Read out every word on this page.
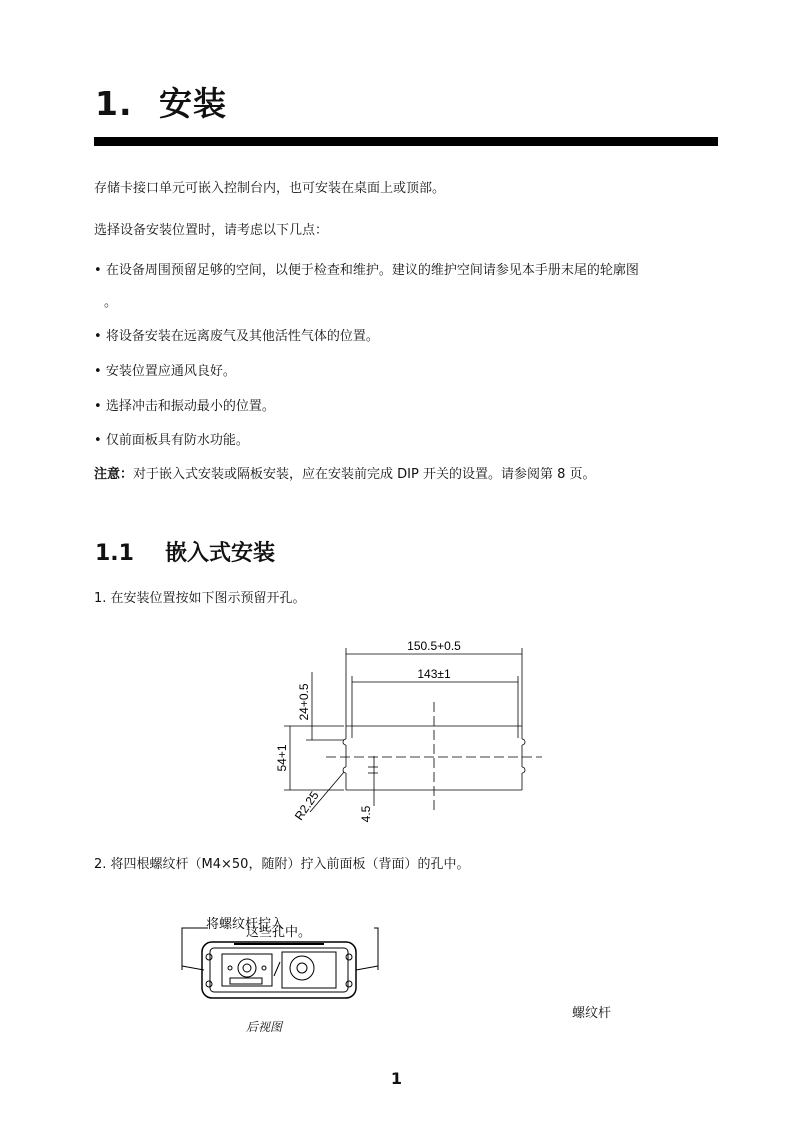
1. 安装
存储卡接口单元可嵌入控制台内，也可安装在桌面上或顶部。
选择设备安装位置时，请考虑以下几点：
• 在设备周围预留足够的空间，以便于检查和维护。建议的维护空间请参见本手册末尾的轮廓图
。
• 将设备安装在远离废气及其他活性气体的位置。
• 安装位置应通风良好。
• 选择冲击和振动最小的位置。
• 仅前面板具有防水功能。
注意：对于嵌入式安装或隔板安装，应在安装前完成 DIP 开关的设置。请参阅第 8 页。
1.1 嵌入式安装
1. 在安装位置按如下图示预留开孔。
150.5+0.5
143±1
24+0.5
54+1
R2.25	4.5
2. 将四根螺纹杆（M4×50，随附）拧入前面板（背面）的孔中。
将螺纹杆拧入
这些孔中。
后视图
螺纹杆
1
